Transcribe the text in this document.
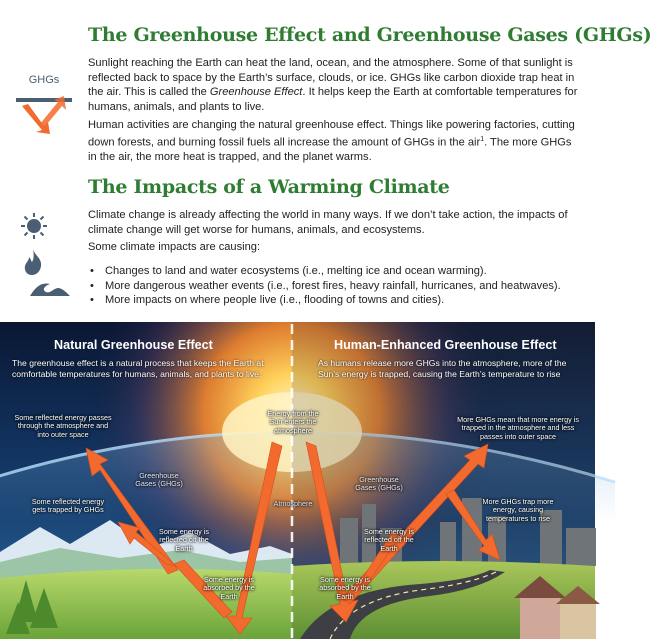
The Greenhouse Effect and Greenhouse Gases (GHGs)
GHGs
Sunlight reaching the Earth can heat the land, ocean, and the atmosphere. Some of that sunlight is reflected back to space by the Earth’s surface, clouds, or ice. GHGs like carbon dioxide trap heat in the air. This is called the Greenhouse Effect. It helps keep the Earth at comfortable temperatures for humans, animals, and plants to live.
Human activities are changing the natural greenhouse effect. Things like powering factories, cutting down forests, and burning fossil fuels all increase the amount of GHGs in the air$^1$. The more GHGs in the air, the more heat is trapped, and the planet warms.
The Impacts of a Warming Climate
Climate change is already affecting the world in many ways. If we don’t take action, the impacts of climate change will get worse for humans, animals, and ecosystems.
Some climate impacts are causing:
• Changes to land and water ecosystems (i.e., melting ice and ocean warming).
• More dangerous weather events (i.e., forest fires, heavy rainfall, hurricanes, and heatwaves).
• More impacts on where people live (i.e., flooding of towns and cities).
Natural Greenhouse Effect
The greenhouse effect is a natural process that keeps the Earth at comfortable temperatures for humans, animals, and plants to live.
Human-Enhanced Greenhouse Effect
As humans release more GHGs into the atmosphere, more of the Sun’s energy is trapped, causing the Earth’s temperature to rise
Energy from the Sun enters the atmosphere
Atmosphere
Greenhouse Gases (GHGs)	Greenhouse Gases (GHGs)
Some reflected energy passes through the atmosphere and into outer space
Some reflected energy gets trapped by GHGs
Some energy is reflected off the Earth
Some energy is absorbed by the Earth
More GHGs mean that more energy is trapped in the atmosphere and less passes into outer space
More GHGs trap more energy, causing temperatures to rise
Some energy is reflected off the Earth
Some energy is absorbed by the Earth
